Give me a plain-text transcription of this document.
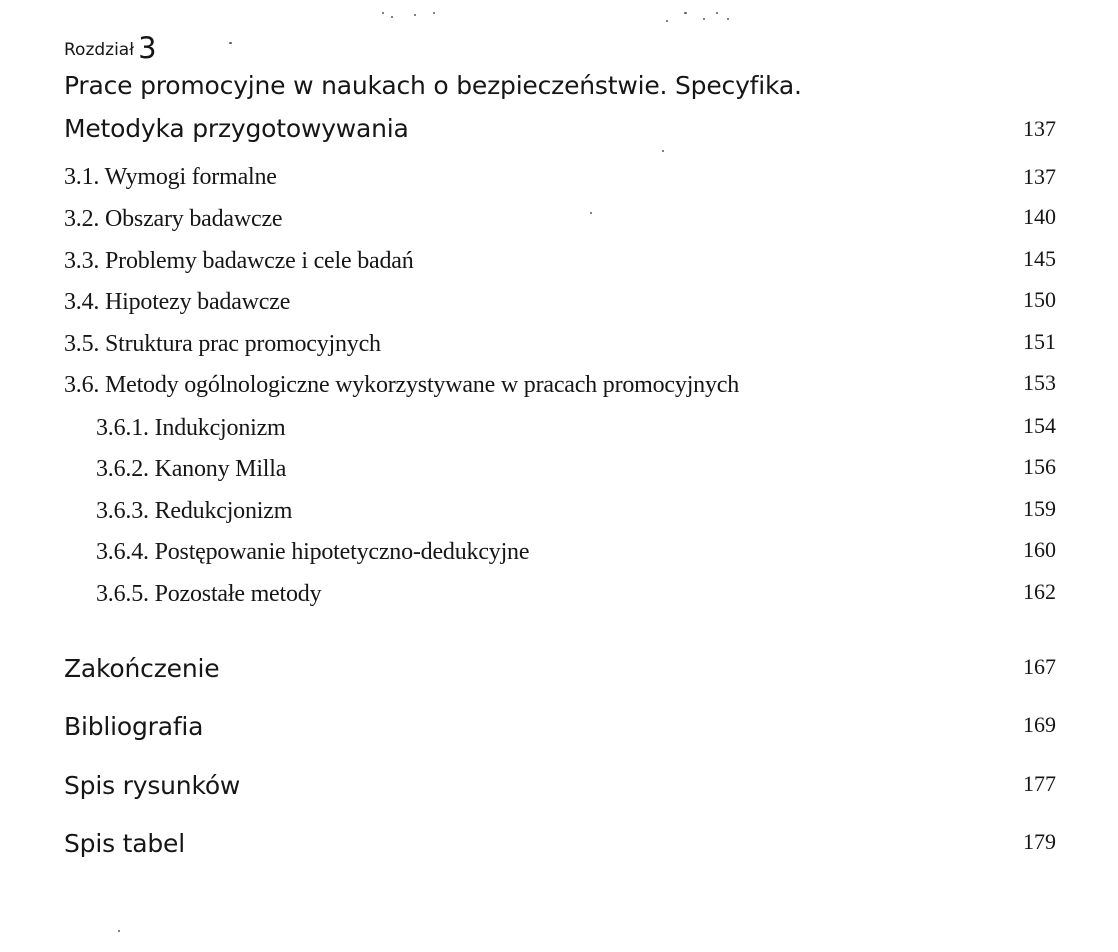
Rozdział 3
Prace promocyjne w naukach o bezpieczeństwie. Specyfika.
Metodyka przygotowywania	137
3.1. Wymogi formalne	137
3.2. Obszary badawcze	140
3.3. Problemy badawcze i cele badań	145
3.4. Hipotezy badawcze	150
3.5. Struktura prac promocyjnych	151
3.6. Metody ogólnologiczne wykorzystywane w pracach promocyjnych	153
3.6.1. Indukcjonizm	154
3.6.2. Kanony Milla	156
3.6.3. Redukcjonizm	159
3.6.4. Postępowanie hipotetyczno-dedukcyjne	160
3.6.5. Pozostałe metody	162
Zakończenie	167
Bibliografia	169
Spis rysunków	177
Spis tabel	179
